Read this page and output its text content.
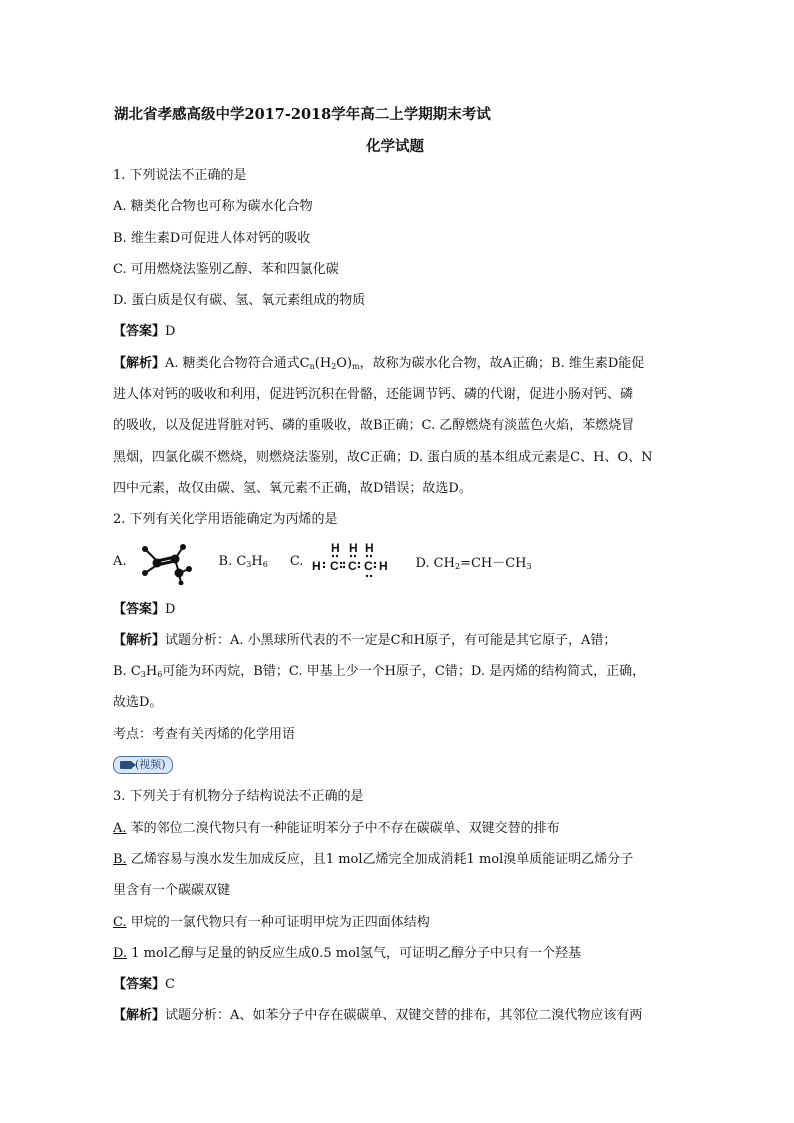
湖北省孝感高级中学2017-2018学年高二上学期期末考试
化学试题
1. 下列说法不正确的是
A. 糖类化合物也可称为碳水化合物
B. 维生素D可促进人体对钙的吸收
C. 可用燃烧法鉴别乙醇、苯和四氯化碳
D. 蛋白质是仅有碳、氢、氧元素组成的物质
【答案】D
【解析】A. 糖类化合物符合通式$C_n(H_2O)_m$，故称为碳水化合物，故A正确；B. 维生素D能促
进人体对钙的吸收和利用，促进钙沉积在骨骼，还能调节钙、磷的代谢，促进小肠对钙、磷
的吸收，以及促进肾脏对钙、磷的重吸收，故B正确；C. 乙醇燃烧有淡蓝色火焰，苯燃烧冒
黑烟，四氯化碳不燃烧，则燃烧法鉴别，故C正确；D. 蛋白质的基本组成元素是C、H、O、N
四中元素，故仅由碳、氢、氧元素不正确，故D错误；故选D。
2. 下列有关化学用语能确定为丙烯的是
A.	B. $C_3H_6$ C.
H H H
H C C C H D. $CH_2=CH-CH_3$
【答案】D
【解析】试题分析：A. 小黑球所代表的不一定是C和H原子，有可能是其它原子，A错；
B. $C_3H_6$可能为环丙烷，B错；C. 甲基上少一个H原子，C错；D. 是丙烯的结构简式，正确，
故选D。
考点：考查有关丙烯的化学用语
(视频)
3. 下列关于有机物分子结构说法不正确的是
A. 苯的邻位二溴代物只有一种能证明苯分子中不存在碳碳单、双键交替的排布
B. 乙烯容易与溴水发生加成反应，且1 mol乙烯完全加成消耗1 mol溴单质能证明乙烯分子
里含有一个碳碳双键
C. 甲烷的一氯代物只有一种可证明甲烷为正四面体结构
D. 1 mol乙醇与足量的钠反应生成0.5 mol氢气，可证明乙醇分子中只有一个羟基
【答案】C
【解析】试题分析：A、如苯分子中存在碳碳单、双键交替的排布，其邻位二溴代物应该有两
